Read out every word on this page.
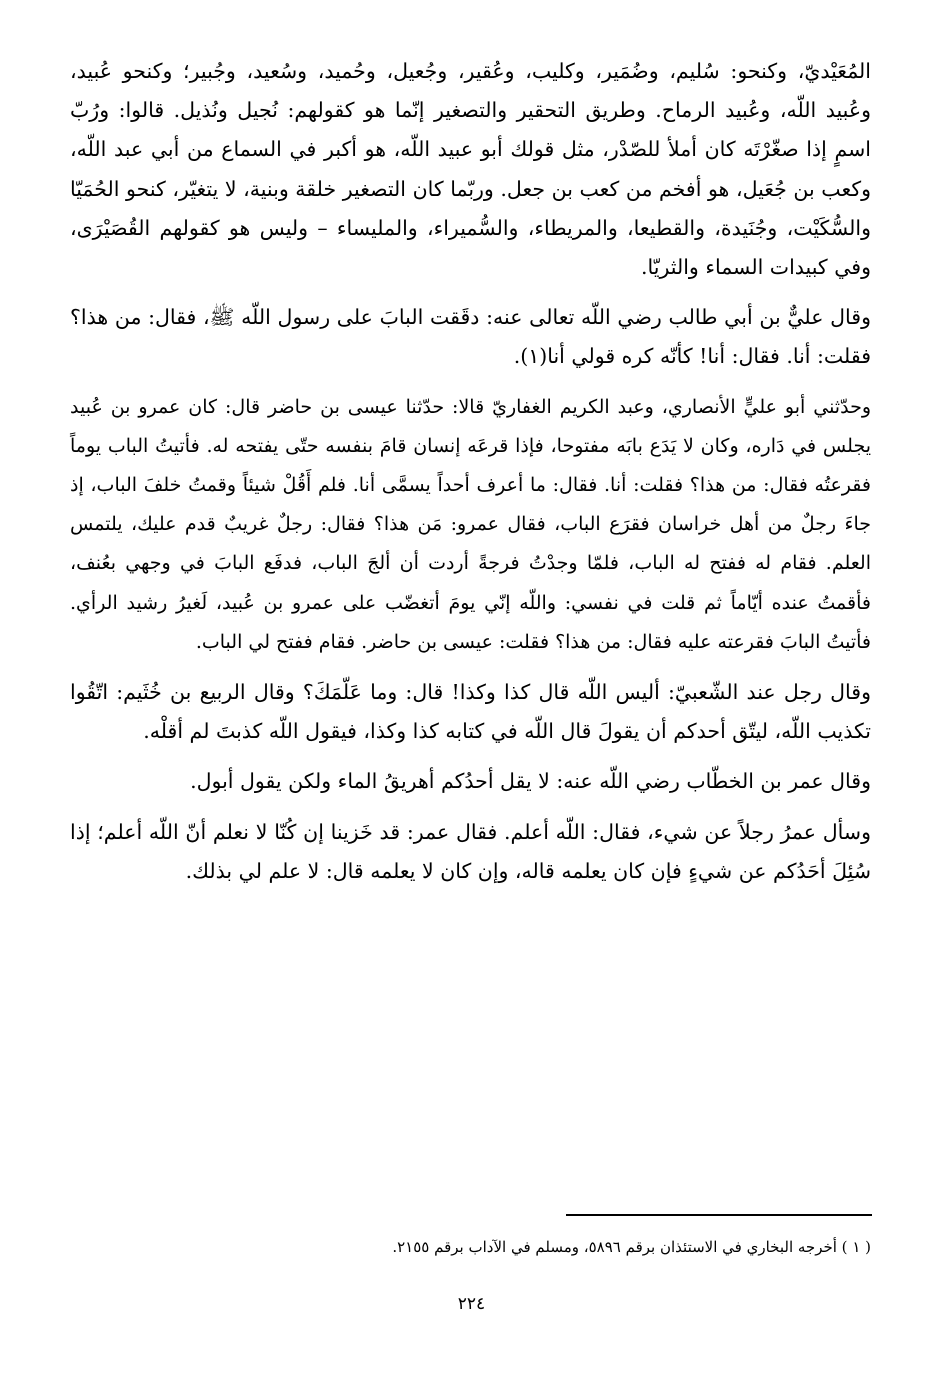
المُعَيْديّ، وكنحو: سُليم، وضُمَير، وكليب، وعُقير، وجُعيل، وحُميد، وسُعيد، وجُبير؛ وكنحو عُبيد، وعُبيد اللّه، وعُبيد الرماح. وطريق التحقير والتصغير إنّما هو كقولهم: نُجيل ونُذيل. قالوا: ورُبّ اسمٍ إذا صغّرْتَه كان أملأ للصّدْر، مثل قولك أبو عبيد اللّه، هو أكبر في السماع من أبي عبد اللّه، وكعب بن جُعَيل، هو أفخم من كعب بن جعل. وربّما كان التصغير خلقة وبنية، لا يتغيّر، كنحو الحُمَيّا والسُّكَيْت، وجُنَيدة، والقطيعا، والمريطاء، والسُّميراء، والمليساء – وليس هو كقولهم القُصَيْرَى، وفي كبيدات السماء والثريّا.

وقال عليٌّ بن أبي طالب رضي اللّه تعالى عنه: دقَقت البابَ على رسول اللّه ﷺ، فقال: من هذا؟ فقلت: أنا. فقال: أنا! كأنّه كره قولي أنا(١).

وحدّثني أبو عليٍّ الأنصاري، وعبد الكريم الغفاريّ قالا: حدّثنا عيسى بن حاضر قال: كان عمرو بن عُبيد يجلس في دَاره، وكان لا يَدَع بابَه مفتوحا، فإذا قرعَه إنسان قامَ بنفسه حتّى يفتحه له. فأتيتُ الباب يوماً فقرعتُه فقال: من هذا؟ فقلت: أنا. فقال: ما أعرف أحداً يسمَّى أنا. فلم أَقُلْ شيئاً وقمتُ خلفَ الباب، إذ جاءَ رجلٌ من أهل خراسان فقرَع الباب، فقال عمرو: مَن هذا؟ فقال: رجلٌ غريبٌ قدم عليك، يلتمس العلم. فقام له ففتح له الباب، فلمّا وجدْتُ فرجةً أردت أن ألجَ الباب، فدفَع البابَ في وجهي بعُنف، فأقمتُ عنده أيّاماً ثم قلت في نفسي: واللّه إنّي يومَ أتغضّب على عمرو بن عُبيد، لَغيرُ رشيد الرأي. فأتيتُ البابَ فقرعته عليه فقال: من هذا؟ فقلت: عيسى بن حاضر. فقام ففتح لي الباب.

وقال رجل عند الشّعبيّ: أليس اللّه قال كذا وكذا! قال: وما عَلّمَكَ؟ وقال الربيع بن خُثَيم: اتّقُوا تكذيب اللّه، ليتّق أحدكم أن يقولَ قال اللّه في كتابه كذا وكذا، فيقول اللّه كذبتَ لم أقلْه.

وقال عمر بن الخطّاب رضي اللّه عنه: لا يقل أحدُكم أهريقُ الماء ولكن يقول أبول.

وسأل عمرُ رجلاً عن شيء، فقال: اللّه أعلم. فقال عمر: قد خَزينا إن كُنّا لا نعلم أنّ اللّه أعلم؛ إذا سُئِلَ أحَدُكم عن شيءٍ فإن كان يعلمه قاله، وإن كان لا يعلمه قال: لا علم لي بذلك.

( ١ ) أخرجه البخاري في الاستئذان برقم ٥٨٩٦، ومسلم في الآداب برقم ٢١٥٥.
٢٢٤
